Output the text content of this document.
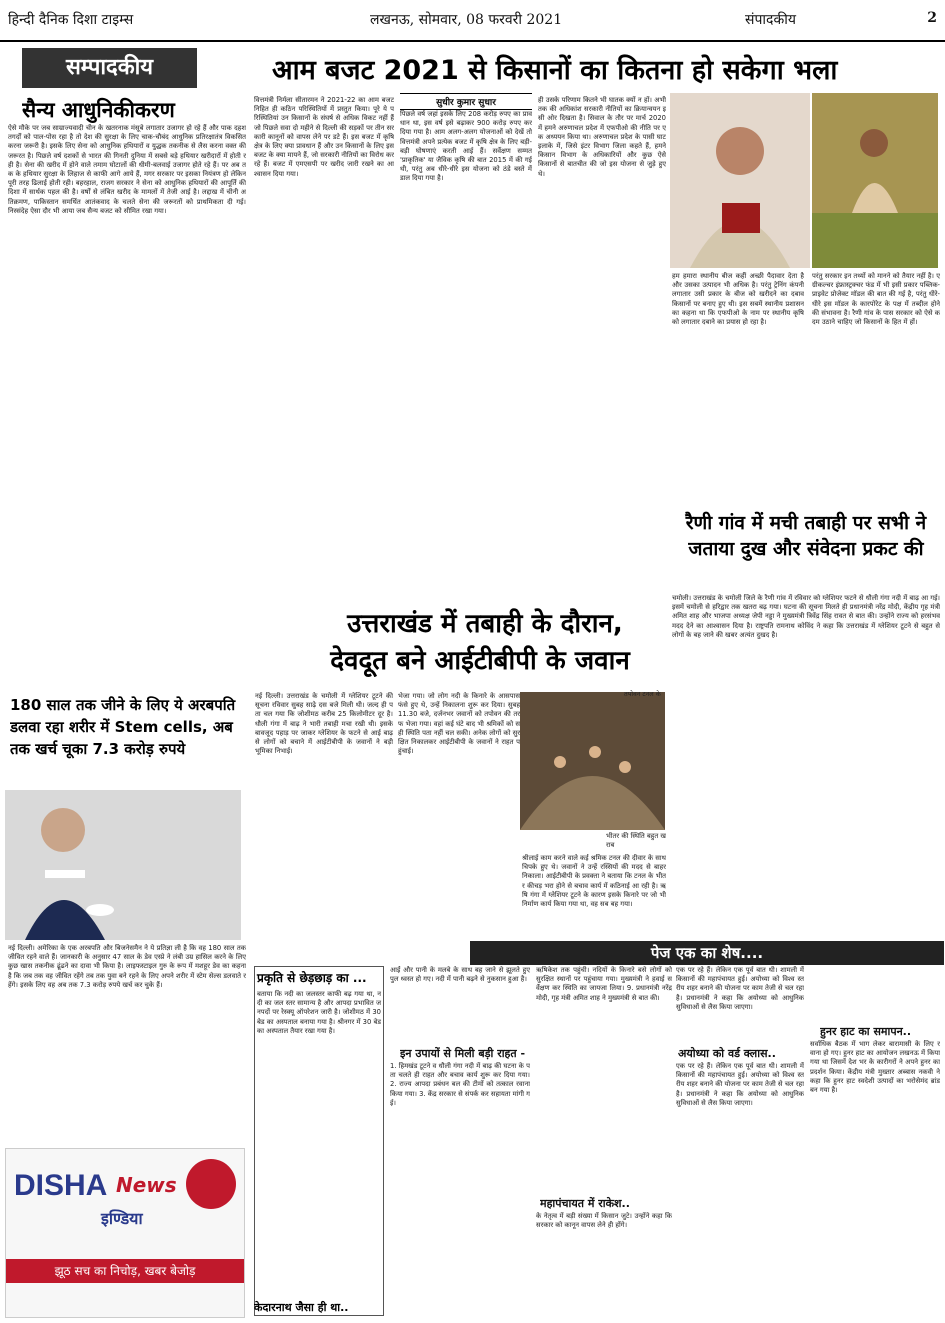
हिन्दी दैनिक दिशा टाइम्स	लखनऊ, सोमवार, 08 फरवरी 2021	संपादकीय	2
सम्पादकीय
सैन्य आधुनिकीकरण
ऐसे मौके पर जब साम्राज्यवादी चीन के खतरनाक मंसूबे लगातार उजागर हो रहे हैं और पाक दहशतगर्दों को पाल-पोस रहा है तो देश की सुरक्षा के लिए चाक-चौबंद आधुनिक प्रतिरक्षातंत्र विकसित करना जरूरी है। इसके लिए सेना को आधुनिक हथियारों व युद्धक तकनीक से लैस करना वक्त की जरूरत है। पिछले वर्ष दशकों से भारत की गिनती दुनिया में सबसे बड़े हथियार खरीदारों में होती रही है। सेना की खरीद में होने वाले तमाम घोटालों की धीमी-बलवाई उजागर होते रहे हैं। पर अब तक के हथियार सुरक्षा के लिहाज से काफी आगे आये हैं, मगर सरकार पर इसका नियंत्रण हो लेकिन पूरी तरह ढिलाई होती रही। बहरहाल, राजग सरकार ने सेना को आधुनिक हथियारों की आपूर्ति की दिशा में सार्थक पहल की है। वर्षों से लंबित खरीद के मामलों में तेजी आई है। लद्दाख में चीनी अतिक्रमण, पाकिस्तान समर्थित आतंकवाद के चलते सेना की जरूरतों को प्राथमिकता दी गई। निस्संदेह ऐसा दौर भी आया जब सैन्य बजट को सीमित रखा गया।
180 साल तक जीने के लिए ये अरबपति डलवा रहा शरीर में Stem cells, अब तक खर्च चूका 7.3 करोड़ रुपये
नई दिल्ली। अमेरिका के एक अरबपति और बिजनेसमैन ने ये प्रतिज्ञा ली है कि वह 180 साल तक जीवित रहने वाले हैं। जानकारी के अनुसार 47 साल के डेव एस्प्रे ने लंबी उम्र हासिल करने के लिए कुछ खास तकनीक ढूंढने का दावा भी किया है। लाइफस्टाइल गुरु के रूप में मशहूर डेव का कहना है कि जब तक वह जीवित रहेंगे तब तक युवा बने रहने के लिए अपने शरीर में स्टेम सेल्स डलवाते रहेंगे। इसके लिए वह अब तक 7.3 करोड़ रुपये खर्च कर चुके हैं।
आम बजट 2021 से किसानों का कितना हो सकेगा भला
वित्तमंत्री निर्मला सीतारमन ने 2021-22 का आम बजट निहित ही कठिन परिस्थितियों में प्रस्तुत किया। पूरे ये परिस्थितियां उन किसानों के संघर्ष से अधिक विकट नहीं हैं जो पिछले सवा दो महीने से दिल्ली की सड़कों पर तीन सरकारी कानूनों को वापस लेने पर डटे हैं। इस बजट में कृषि क्षेत्र के लिए क्या प्रावधान हैं और उन किसानों के लिए इस बजट के क्या मायने हैं, जो सरकारी नीतियों का विरोध कर रहे हैं। बजट में एमएसपी पर खरीद जारी रखने का आश्वासन दिया गया।
सुधीर कुमार सुधार
पिछले वर्ष जहां इसके लिए 208 करोड़ रुपए का प्रावधान था, इस वर्ष इसे बढ़ाकर 900 करोड़ रुपए कर दिया गया है। आम अलग-अलग योजनाओं को देखें तो वित्तमंत्री अपने प्रत्येक बजट में कृषि क्षेत्र के लिए बड़ी-बड़ी घोषणाएं करती आई हैं। सर्वेक्षण सम्मत 'प्राकृतिक' या जैविक कृषि की बात 2015 में की गई थी, परंतु अब धीरे-धीरे इस योजना को ठंडे बस्ते में डाल दिया गया है।
ही उसके परिणाम कितने भी घातक क्यों न हों। अभी तक की अधिकांश सरकारी नीतियों का क्रियान्वयन इसी ओर दिखता है। सिवाल के तौर पर मार्च 2020 में हमने अरुणाचल प्रदेश में एफपीओ की नीति पर एक अध्ययन किया था। अरुणाचल प्रदेश के पासी घाट इलाके में, जिसे इंटर विभाग जिला कहते हैं, हमने किसान विभाग के अधिकारियों और कुछ ऐसे किसानों से बातचीत की जो इस योजना से जुड़े हुए थे।
हम हमारा स्थानीय बीज कहीं अच्छी पैदावार देता है और उसका उत्पादन भी अधिक है। परंतु ट्रेनिंग कंपनी लगातार उसी प्रकार के बीज को खरीदने का दबाव किसानों पर बनाए हुए थी। इस सबमें स्थानीय प्रशासन का कहना था कि एफपीओ के नाम पर स्थानीय कृषि को लगातार दबाने का प्रयास हो रहा है।
परंतु सरकार इन तथ्यों को मानने को तैयार नहीं है। एग्रीकल्चर इंफ्रास्ट्रक्चर फंड में भी इसी प्रकार पब्लिक-प्राइवेट प्रोजेक्ट मॉडल की बात की गई है, परंतु धीरे-धीरे इस मॉडल के कारपोरेट के पक्ष में तब्दील होने की संभावना है। रैणी गांव के पास सरकार को ऐसे कदम उठाने चाहिए जो किसानों के हित में हों।
उत्तराखंड में तबाही के दौरान,
देवदूत बने आईटीबीपी के जवान
नई दिल्ली। उत्तराखंड के चमोली में ग्लेशियर टूटने की सूचना रविवार सुबह साढ़े दस बजे मिली थी। जल्द ही पता चल गया कि जोशीमठ करीब 25 किलोमीटर दूर है। धौली गंगा में बाढ़ ने भारी तबाही मचा रखी थी। इसके बावजूद पहाड़ पर जाकर ग्लेशियर के फटने से आई बाढ़ से लोगों को बचाने में आईटीबीपी के जवानों ने बड़ी भूमिका निभाई।
भेजा गया। जो लोग नदी के किनारे के आसपास फंसे हुए थे, उन्हें निकालना शुरू कर दिया। सुबह 11.30 बजे, दर्जनभर जवानों को तपोवन की तरफ भेजा गया। वहां कई घंटे बाद भी श्रमिकों को सही स्थिति पता नहीं चल सकी। अनेक लोगों को सुरक्षित निकालकर आईटीबीपी के जवानों ने राहत पहुंचाई।
तपोवन टनल के
भीतर की स्थिति बहुत खराब
श्रीलाई काम करने वाले कई श्रमिक टनल की दीवार के साथ चिपके हुए थे। जवानों ने उन्हें रस्सियों की मदद से बाहर निकाला। आईटीबीपी के प्रवक्ता ने बताया कि टनल के भीतर कीचड़ भरा होने से बचाव कार्य में कठिनाई आ रही है। ऋषि गंगा में ग्लेशियर टूटने के कारण इसके किनारे पर जो भी निर्माण कार्य किया गया था, वह सब बह गया।
रैणी गांव में मची तबाही पर सभी ने जताया दुख और संवेदना प्रकट की
चमोली। उत्तराखंड के चमोली जिले के रैणी गांव में रविवार को ग्लेशियर फटने से धौली गंगा नदी में बाढ़ आ गई। इसमें चमोली से हरिद्वार तक खतरा बढ़ गया। घटना की सूचना मिलते ही प्रधानमंत्री नरेंद्र मोदी, केंद्रीय गृह मंत्री अमित शाह और भाजपा अध्यक्ष जेपी नड्डा ने मुख्यमंत्री त्रिवेंद्र सिंह रावत से बात की। उन्होंने राज्य को हरसंभव मदद देने का आश्वासन दिया है। राष्ट्रपति रामनाथ कोविंद ने कहा कि उत्तराखंड में ग्लेशियर टूटने से बहुत से लोगों के बह जाने की खबर अत्यंत दुखद है।
पेज एक का शेष....
प्रकृति से छेड़छाड़ का ...
बताया कि नदी का जलस्तर काफी बढ़ गया था, नदी का जल स्तर सामान्य है और आपदा प्रभावित जनपदों पर रेस्क्यू ऑपरेशन जारी है। जोशीमठ में 30 बेड का अस्पताल बनाया गया है। श्रीनगर में 30 बेड का अस्पताल तैयार रखा गया है।
केदारनाथ जैसा ही था..
आईं और पानी के मलबे के साथ बह जाने से झूलते हुए पुल ध्वस्त हो गए। नदी में पानी बढ़ने से नुकसान हुआ है।
इन उपायों से मिली बड़ी राहत -
1. हिमखंड टूटने व धौली गंगा नदी में बाढ़ की घटना के पता चलते ही राहत और बचाव कार्य शुरू कर दिया गया। 2. राज्य आपदा प्रबंधन बल की टीमों को तत्काल रवाना किया गया। 3. केंद्र सरकार से संपर्क कर सहायता मांगी गई।
ऋषिकेश तक पहुंची। नदियों के किनारे बसे लोगों को सुरक्षित स्थानों पर पहुंचाया गया। मुख्यमंत्री ने हवाई सर्वेक्षण कर स्थिति का जायजा लिया। 9. प्रधानमंत्री नरेंद्र मोदी, गृह मंत्री अमित शाह ने मुख्यमंत्री से बात की।
महापंचायत में राकेश..
के नेतृत्व में बड़ी संख्या में किसान जुटे। उन्होंने कहा कि सरकार को कानून वापस लेने ही होंगे।
अयोध्या को वर्ड क्लास..
एक पर रहे हैं। लेकिन एक पूर्व बात थी। शामली में किसानों की महापंचायत हुई। अयोध्या को विश्व स्तरीय शहर बनाने की योजना पर काम तेजी से चल रहा है। प्रधानमंत्री ने कहा कि अयोध्या को आधुनिक सुविधाओं से लैस किया जाएगा।
एक पर रहे हैं। लेकिन एक पूर्व बात थी। शामली में किसानों की महापंचायत हुई। अयोध्या को विश्व स्तरीय शहर बनाने की योजना पर काम तेजी से चल रहा है। प्रधानमंत्री ने कहा कि अयोध्या को आधुनिक सुविधाओं से लैस किया जाएगा।
हुनर हाट का समापन..
सर्वाधिक बैठक में भाग लेकर बारामासी के लिए रवाना हो गए। हुनर हाट का आयोजन लखनऊ में किया गया था जिसमें देश भर के कारीगरों ने अपने हुनर का प्रदर्शन किया। केंद्रीय मंत्री मुख्तार अब्बास नकवी ने कहा कि हुनर हाट स्वदेशी उत्पादों का भरोसेमंद ब्रांड बन गया है।
DISHA News
इण्डिया
झूठ सच का निचोड़, खबर बेजोड़
